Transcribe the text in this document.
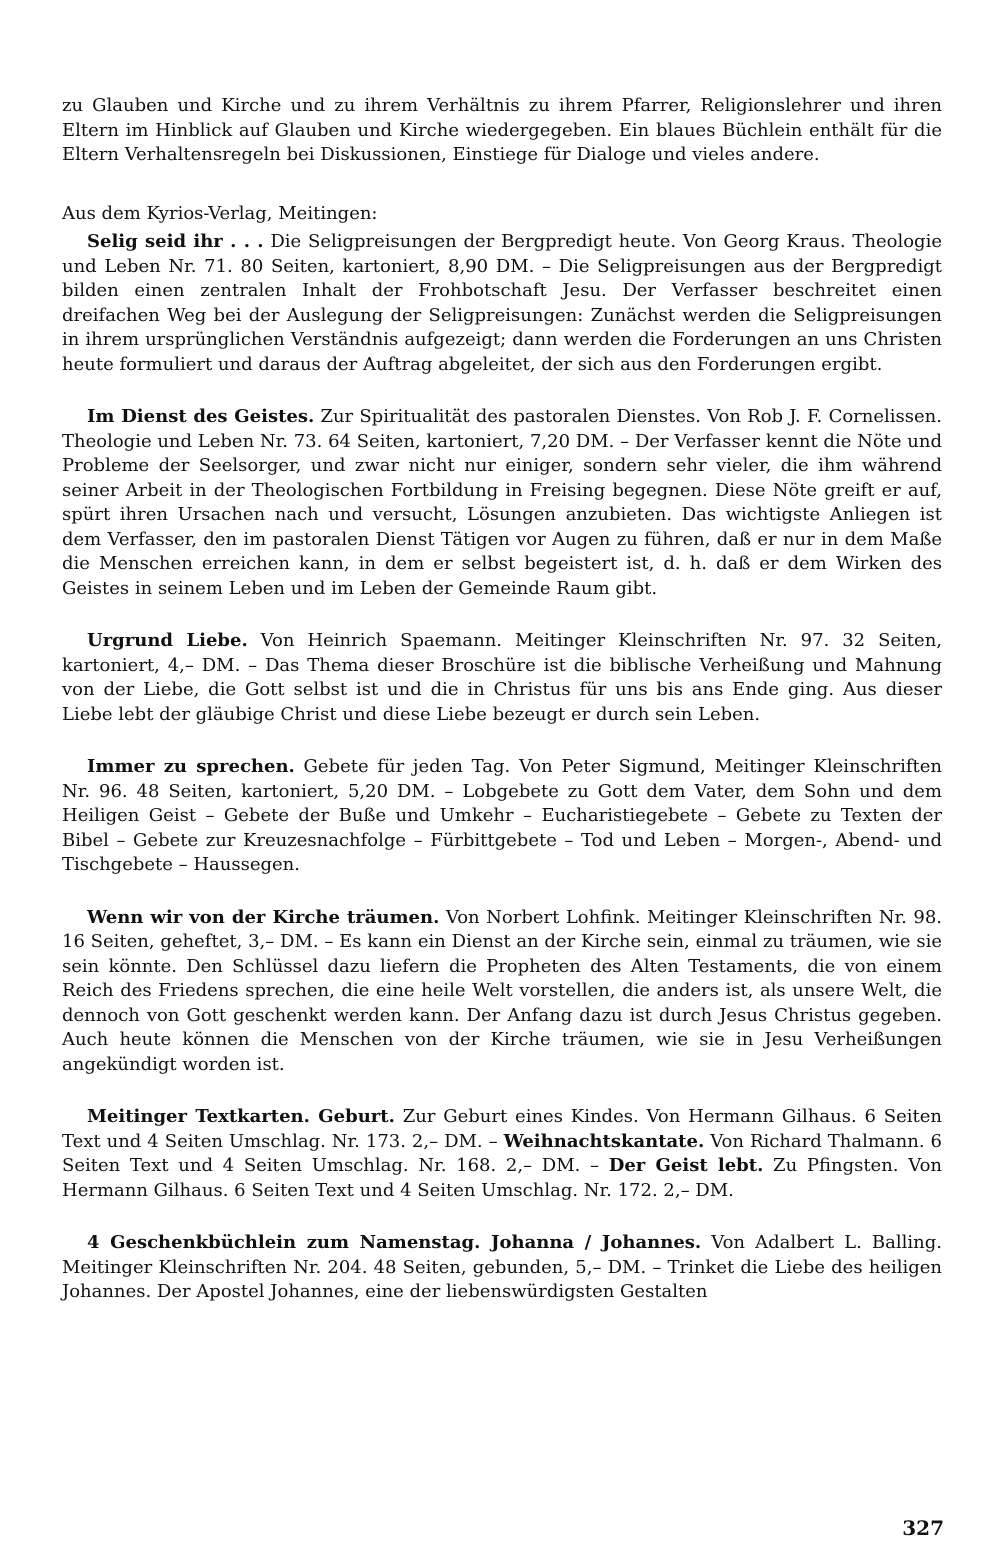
zu Glauben und Kirche und zu ihrem Verhältnis zu ihrem Pfarrer, Religionslehrer und ihren Eltern im Hinblick auf Glauben und Kirche wiedergegeben. Ein blaues Büchlein enthält für die Eltern Verhaltensregeln bei Diskussionen, Einstiege für Dialoge und vieles andere.

Aus dem Kyrios-Verlag, Meitingen:

Selig seid ihr . . . Die Seligpreisungen der Bergpredigt heute. Von Georg Kraus. Theologie und Leben Nr. 71. 80 Seiten, kartoniert, 8,90 DM. – Die Seligpreisungen aus der Bergpredigt bilden einen zentralen Inhalt der Frohbotschaft Jesu. Der Verfasser beschreitet einen dreifachen Weg bei der Auslegung der Seligpreisungen: Zunächst werden die Seligpreisungen in ihrem ursprünglichen Verständnis aufgezeigt; dann werden die Forderungen an uns Christen heute formuliert und daraus der Auftrag abgeleitet, der sich aus den Forderungen ergibt.

Im Dienst des Geistes. Zur Spiritualität des pastoralen Dienstes. Von Rob J. F. Cornelissen. Theologie und Leben Nr. 73. 64 Seiten, kartoniert, 7,20 DM. – Der Verfasser kennt die Nöte und Probleme der Seelsorger, und zwar nicht nur einiger, sondern sehr vieler, die ihm während seiner Arbeit in der Theologischen Fortbildung in Freising begegnen. Diese Nöte greift er auf, spürt ihren Ursachen nach und versucht, Lösungen anzubieten. Das wichtigste Anliegen ist dem Verfasser, den im pastoralen Dienst Tätigen vor Augen zu führen, daß er nur in dem Maße die Menschen erreichen kann, in dem er selbst begeistert ist, d. h. daß er dem Wirken des Geistes in seinem Leben und im Leben der Gemeinde Raum gibt.

Urgrund Liebe. Von Heinrich Spaemann. Meitinger Kleinschriften Nr. 97. 32 Seiten, kartoniert, 4,– DM. – Das Thema dieser Broschüre ist die biblische Verheißung und Mahnung von der Liebe, die Gott selbst ist und die in Christus für uns bis ans Ende ging. Aus dieser Liebe lebt der gläubige Christ und diese Liebe bezeugt er durch sein Leben.

Immer zu sprechen. Gebete für jeden Tag. Von Peter Sigmund, Meitinger Kleinschriften Nr. 96. 48 Seiten, kartoniert, 5,20 DM. – Lobgebete zu Gott dem Vater, dem Sohn und dem Heiligen Geist – Gebete der Buße und Umkehr – Eucharistiegebete – Gebete zu Texten der Bibel – Gebete zur Kreuzesnachfolge – Fürbittgebete – Tod und Leben – Morgen-, Abend- und Tischgebete – Haussegen.

Wenn wir von der Kirche träumen. Von Norbert Lohfink. Meitinger Kleinschriften Nr. 98. 16 Seiten, geheftet, 3,– DM. – Es kann ein Dienst an der Kirche sein, einmal zu träumen, wie sie sein könnte. Den Schlüssel dazu liefern die Propheten des Alten Testaments, die von einem Reich des Friedens sprechen, die eine heile Welt vorstellen, die anders ist, als unsere Welt, die dennoch von Gott geschenkt werden kann. Der Anfang dazu ist durch Jesus Christus gegeben. Auch heute können die Menschen von der Kirche träumen, wie sie in Jesu Verheißungen angekündigt worden ist.

Meitinger Textkarten. Geburt. Zur Geburt eines Kindes. Von Hermann Gilhaus. 6 Seiten Text und 4 Seiten Umschlag. Nr. 173. 2,– DM. – Weihnachtskantate. Von Richard Thalmann. 6 Seiten Text und 4 Seiten Umschlag. Nr. 168. 2,– DM. – Der Geist lebt. Zu Pfingsten. Von Hermann Gilhaus. 6 Seiten Text und 4 Seiten Umschlag. Nr. 172. 2,– DM.

4 Geschenkbüchlein zum Namenstag. Johanna / Johannes. Von Adalbert L. Balling. Meitinger Kleinschriften Nr. 204. 48 Seiten, gebunden, 5,– DM. – Trinket die Liebe des heiligen Johannes. Der Apostel Johannes, eine der liebenswürdigsten Gestalten

327
